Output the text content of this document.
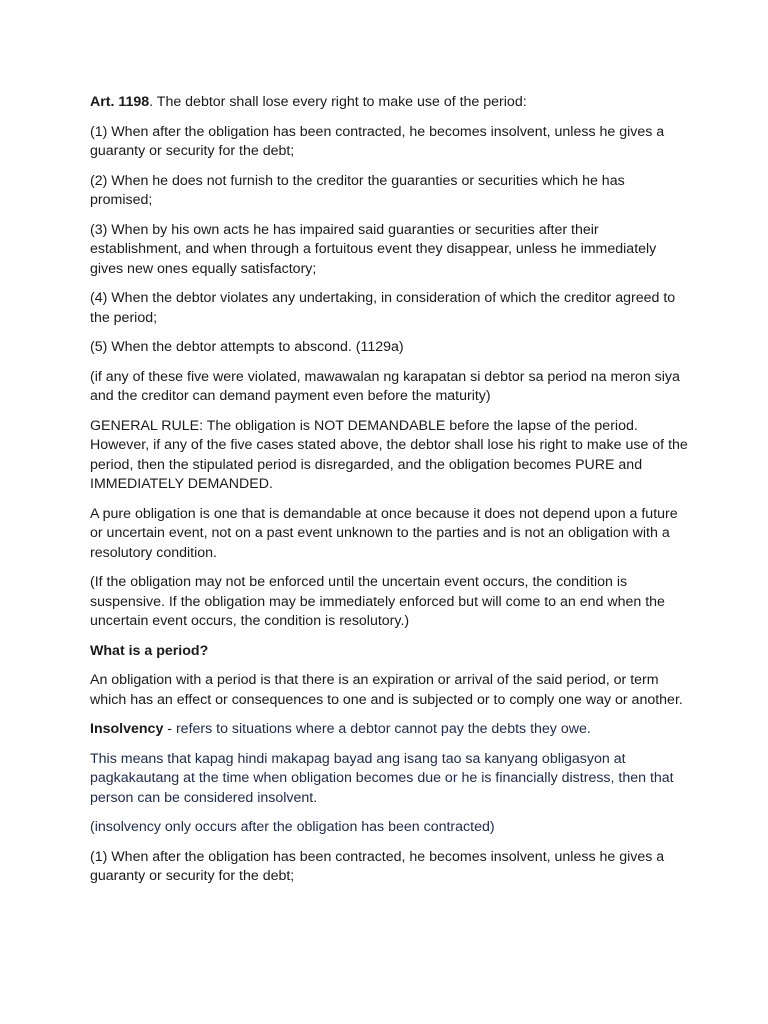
Art. 1198. The debtor shall lose every right to make use of the period:

(1) When after the obligation has been contracted, he becomes insolvent, unless he gives a guaranty or security for the debt;

(2) When he does not furnish to the creditor the guaranties or securities which he has promised;

(3) When by his own acts he has impaired said guaranties or securities after their establishment, and when through a fortuitous event they disappear, unless he immediately gives new ones equally satisfactory;

(4) When the debtor violates any undertaking, in consideration of which the creditor agreed to the period;

(5) When the debtor attempts to abscond. (1129a)

(if any of these five were violated, mawawalan ng karapatan si debtor sa period na meron siya and the creditor can demand payment even before the maturity)

GENERAL RULE: The obligation is NOT DEMANDABLE before the lapse of the period. However, if any of the five cases stated above, the debtor shall lose his right to make use of the period, then the stipulated period is disregarded, and the obligation becomes PURE and IMMEDIATELY DEMANDED.

A pure obligation is one that is demandable at once because it does not depend upon a future or uncertain event, not on a past event unknown to the parties and is not an obligation with a resolutory condition.

(If the obligation may not be enforced until the uncertain event occurs, the condition is suspensive. If the obligation may be immediately enforced but will come to an end when the uncertain event occurs, the condition is resolutory.)

What is a period?

An obligation with a period is that there is an expiration or arrival of the said period, or term which has an effect or consequences to one and is subjected or to comply one way or another.

Insolvency - refers to situations where a debtor cannot pay the debts they owe.

This means that kapag hindi makapag bayad ang isang tao sa kanyang obligasyon at pagkakautang at the time when obligation becomes due or he is financially distress, then that person can be considered insolvent.

(insolvency only occurs after the obligation has been contracted)

(1) When after the obligation has been contracted, he becomes insolvent, unless he gives a guaranty or security for the debt;
